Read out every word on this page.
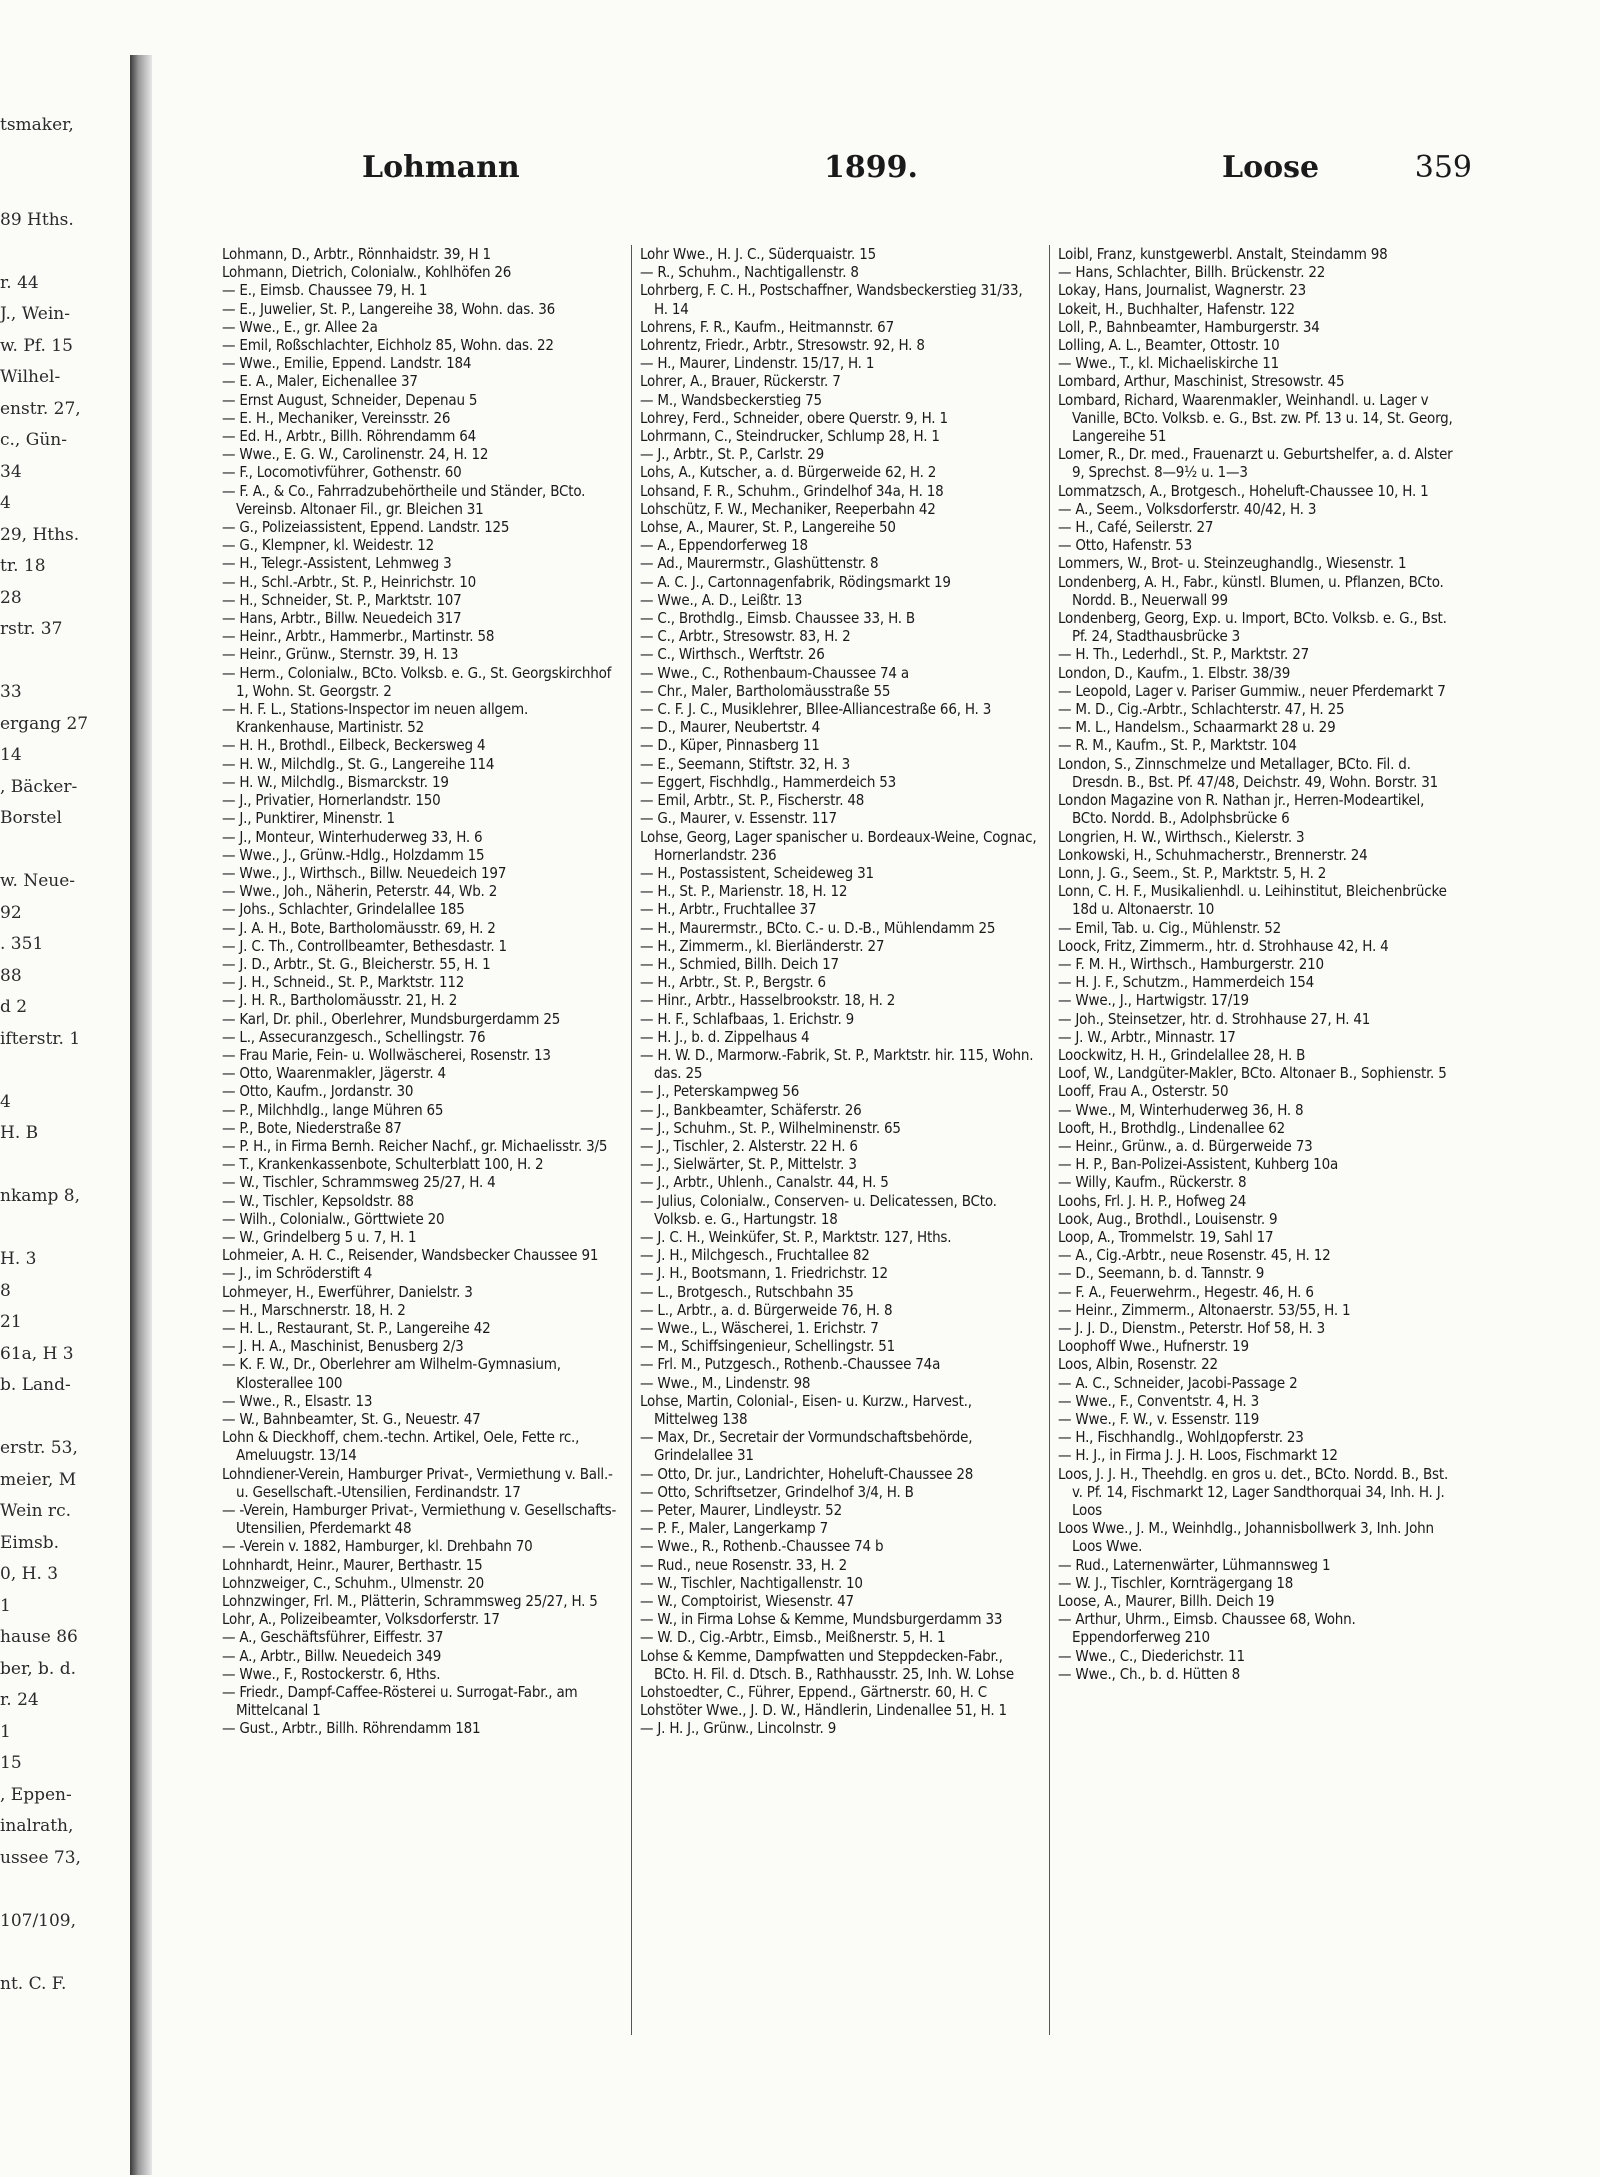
tsmaker,

89 Hths.

r. 44
J., Wein-
w. Pf. 15
Wilhel-
enstr. 27,
c., Gün-
34
4
29, Hths.
tr. 18
28
rstr. 37

33
ergang 27
14
, Bäcker-
Borstel

w. Neue-
92
. 351
88
d 2
ifterstr. 1

4
H. B

nkamp 8,

H. 3
8
21
61a, H 3
b. Land-

erstr. 53,
meier, M
Wein rc.
Eimsb.
0, H. 3
1
hause 86
ber, b. d.
r. 24
1
15
, Eppen-
inalrath,
ussee 73,

107/109,

nt. C. F.
Lohmann	1899.	Loose	359
Lohmann, D., Arbtr., Rönnhaidstr. 39, H 1
Lohmann, Dietrich, Colonialw., Kohlhöfen 26
— E., Eimsb. Chaussee 79, H. 1
— E., Juwelier, St. P., Langereihe 38, Wohn. das. 36
— Wwe., E., gr. Allee 2a
— Emil, Roßschlachter, Eichholz 85, Wohn. das. 22
— Wwe., Emilie, Eppend. Landstr. 184
— E. A., Maler, Eichenallee 37
— Ernst August, Schneider, Depenau 5
— E. H., Mechaniker, Vereinsstr. 26
— Ed. H., Arbtr., Billh. Röhrendamm 64
— Wwe., E. G. W., Carolinenstr. 24, H. 12
— F., Locomotivführer, Gothenstr. 60
— F. A., & Co., Fahrradzubehörtheile und Ständer, BCto. Vereinsb. Altonaer Fil., gr. Bleichen 31
— G., Polizeiassistent, Eppend. Landstr. 125
— G., Klempner, kl. Weidestr. 12
— H., Telegr.-Assistent, Lehmweg 3
— H., Schl.-Arbtr., St. P., Heinrichstr. 10
— H., Schneider, St. P., Marktstr. 107
— Hans, Arbtr., Billw. Neuedeich 317
— Heinr., Arbtr., Hammerbr., Martinstr. 58
— Heinr., Grünw., Sternstr. 39, H. 13
— Herm., Colonialw., BCto. Volksb. e. G., St. Georgskirchhof 1, Wohn. St. Georgstr. 2
— H. F. L., Stations-Inspector im neuen allgem. Krankenhause, Martinistr. 52
— H. H., Brothdl., Eilbeck, Beckersweg 4
— H. W., Milchdlg., St. G., Langereihe 114
— H. W., Milchdlg., Bismarckstr. 19
— J., Privatier, Hornerlandstr. 150
— J., Punktirer, Minenstr. 1
— J., Monteur, Winterhuderweg 33, H. 6
— Wwe., J., Grünw.-Hdlg., Holzdamm 15
— Wwe., J., Wirthsch., Billw. Neuedeich 197
— Wwe., Joh., Näherin, Peterstr. 44, Wb. 2
— Johs., Schlachter, Grindelallee 185
— J. A. H., Bote, Bartholomäusstr. 69, H. 2
— J. C. Th., Controllbeamter, Bethesdastr. 1
— J. D., Arbtr., St. G., Bleicherstr. 55, H. 1
— J. H., Schneid., St. P., Marktstr. 112
— J. H. R., Bartholomäusstr. 21, H. 2
— Karl, Dr. phil., Oberlehrer, Mundsburgerdamm 25
— L., Assecuranzgesch., Schellingstr. 76
— Frau Marie, Fein- u. Wollwäscherei, Rosenstr. 13
— Otto, Waarenmakler, Jägerstr. 4
— Otto, Kaufm., Jordanstr. 30
— P., Milchhdlg., lange Mühren 65
— P., Bote, Niederstraße 87
— P. H., in Firma Bernh. Reicher Nachf., gr. Michaelisstr. 3/5
— T., Krankenkassenbote, Schulterblatt 100, H. 2
— W., Tischler, Schrammsweg 25/27, H. 4
— W., Tischler, Kepsoldstr. 88
— Wilh., Colonialw., Görttwiete 20
— W., Grindelberg 5 u. 7, H. 1
Lohmeier, A. H. C., Reisender, Wandsbecker Chaussee 91
— J., im Schröderstift 4
Lohmeyer, H., Ewerführer, Danielstr. 3
— H., Marschnerstr. 18, H. 2
— H. L., Restaurant, St. P., Langereihe 42
— J. H. A., Maschinist, Benusberg 2/3
— K. F. W., Dr., Oberlehrer am Wilhelm-Gymnasium, Klosterallee 100
— Wwe., R., Elsastr. 13
— W., Bahnbeamter, St. G., Neuestr. 47
Lohn & Dieckhoff, chem.-techn. Artikel, Oele, Fette rc., Ameluugstr. 13/14
Lohndiener-Verein, Hamburger Privat-, Vermiethung v. Ball.- u. Gesellschaft.-Utensilien, Ferdinandstr. 17
— -Verein, Hamburger Privat-, Vermiethung v. Gesellschafts-Utensilien, Pferdemarkt 48
— -Verein v. 1882, Hamburger, kl. Drehbahn 70
Lohnhardt, Heinr., Maurer, Berthastr. 15
Lohnzweiger, C., Schuhm., Ulmenstr. 20
Lohnzwinger, Frl. M., Plätterin, Schrammsweg 25/27, H. 5
Lohr, A., Polizeibeamter, Volksdorferstr. 17
— A., Geschäftsführer, Eiffestr. 37
— A., Arbtr., Billw. Neuedeich 349
— Wwe., F., Rostockerstr. 6, Hths.
— Friedr., Dampf-Caffee-Rösterei u. Surrogat-Fabr., am Mittelcanal 1
— Gust., Arbtr., Billh. Röhrendamm 181
Lohr Wwe., H. J. C., Süderquaistr. 15
— R., Schuhm., Nachtigallenstr. 8
Lohrberg, F. C. H., Postschaffner, Wandsbeckerstieg 31/33, H. 14
Lohrens, F. R., Kaufm., Heitmannstr. 67
Lohrentz, Friedr., Arbtr., Stresowstr. 92, H. 8
— H., Maurer, Lindenstr. 15/17, H. 1
Lohrer, A., Brauer, Rückerstr. 7
— M., Wandsbeckerstieg 75
Lohrey, Ferd., Schneider, obere Querstr. 9, H. 1
Lohrmann, C., Steindrucker, Schlump 28, H. 1
— J., Arbtr., St. P., Carlstr. 29
Lohs, A., Kutscher, a. d. Bürgerweide 62, H. 2
Lohsand, F. R., Schuhm., Grindelhof 34a, H. 18
Lohschütz, F. W., Mechaniker, Reeperbahn 42
Lohse, A., Maurer, St. P., Langereihe 50
— A., Eppendorferweg 18
— Ad., Maurermstr., Glashüttenstr. 8
— A. C. J., Cartonnagenfabrik, Rödingsmarkt 19
— Wwe., A. D., Leißtr. 13
— C., Brothdlg., Eimsb. Chaussee 33, H. B
— C., Arbtr., Stresowstr. 83, H. 2
— C., Wirthsch., Werftstr. 26
— Wwe., C., Rothenbaum-Chaussee 74 a
— Chr., Maler, Bartholomäusstraße 55
— C. F. J. C., Musiklehrer, Bllee-Alliancestraße 66, H. 3
— D., Maurer, Neubertstr. 4
— D., Küper, Pinnasberg 11
— E., Seemann, Stiftstr. 32, H. 3
— Eggert, Fischhdlg., Hammerdeich 53
— Emil, Arbtr., St. P., Fischerstr. 48
— G., Maurer, v. Essenstr. 117
Lohse, Georg, Lager spanischer u. Bordeaux-Weine, Cognac, Hornerlandstr. 236
— H., Postassistent, Scheideweg 31
— H., St. P., Marienstr. 18, H. 12
— H., Arbtr., Fruchtallee 37
— H., Maurermstr., BCto. C.- u. D.-B., Mühlendamm 25
— H., Zimmerm., kl. Bierländerstr. 27
— H., Schmied, Billh. Deich 17
— H., Arbtr., St. P., Bergstr. 6
— Hinr., Arbtr., Hasselbrookstr. 18, H. 2
— H. F., Schlafbaas, 1. Erichstr. 9
— H. J., b. d. Zippelhaus 4
— H. W. D., Marmorw.-Fabrik, St. P., Marktstr. hir. 115, Wohn. das. 25
— J., Peterskampweg 56
— J., Bankbeamter, Schäferstr. 26
— J., Schuhm., St. P., Wilhelminenstr. 65
— J., Tischler, 2. Alsterstr. 22 H. 6
— J., Sielwärter, St. P., Mittelstr. 3
— J., Arbtr., Uhlenh., Canalstr. 44, H. 5
— Julius, Colonialw., Conserven- u. Delicatessen, BCto. Volksb. e. G., Hartungstr. 18
— J. C. H., Weinküfer, St. P., Marktstr. 127, Hths.
— J. H., Milchgesch., Fruchtallee 82
— J. H., Bootsmann, 1. Friedrichstr. 12
— L., Brotgesch., Rutschbahn 35
— L., Arbtr., a. d. Bürgerweide 76, H. 8
— Wwe., L., Wäscherei, 1. Erichstr. 7
— M., Schiffsingenieur, Schellingstr. 51
— Frl. M., Putzgesch., Rothenb.-Chaussee 74a
— Wwe., M., Lindenstr. 98
Lohse, Martin, Colonial-, Eisen- u. Kurzw., Harvest., Mittelweg 138
— Max, Dr., Secretair der Vormundschaftsbehörde, Grindelallee 31
— Otto, Dr. jur., Landrichter, Hoheluft-Chaussee 28
— Otto, Schriftsetzer, Grindelhof 3/4, H. B
— Peter, Maurer, Lindleystr. 52
— P. F., Maler, Langerkamp 7
— Wwe., R., Rothenb.-Chaussee 74 b
— Rud., neue Rosenstr. 33, H. 2
— W., Tischler, Nachtigallenstr. 10
— W., Comptoirist, Wiesenstr. 47
— W., in Firma Lohse & Kemme, Mundsburgerdamm 33
— W. D., Cig.-Arbtr., Eimsb., Meißnerstr. 5, H. 1
Lohse & Kemme, Dampfwatten und Steppdecken-Fabr., BCto. H. Fil. d. Dtsch. B., Rathhausstr. 25, Inh. W. Lohse
Lohstoedter, C., Führer, Eppend., Gärtnerstr. 60, H. C
Lohstöter Wwe., J. D. W., Händlerin, Lindenallee 51, H. 1
— J. H. J., Grünw., Lincolnstr. 9
Loibl, Franz, kunstgewerbl. Anstalt, Steindamm 98
— Hans, Schlachter, Billh. Brückenstr. 22
Lokay, Hans, Journalist, Wagnerstr. 23
Lokeit, H., Buchhalter, Hafenstr. 122
Loll, P., Bahnbeamter, Hamburgerstr. 34
Lolling, A. L., Beamter, Ottostr. 10
— Wwe., T., kl. Michaeliskirche 11
Lombard, Arthur, Maschinist, Stresowstr. 45
Lombard, Richard, Waarenmakler, Weinhandl. u. Lager v Vanille, BCto. Volksb. e. G., Bst. zw. Pf. 13 u. 14, St. Georg, Langereihe 51
Lomer, R., Dr. med., Frauenarzt u. Geburtshelfer, a. d. Alster 9, Sprechst. 8—9½ u. 1—3
Lommatzsch, A., Brotgesch., Hoheluft-Chaussee 10, H. 1
— A., Seem., Volksdorferstr. 40/42, H. 3
— H., Café, Seilerstr. 27
— Otto, Hafenstr. 53
Lommers, W., Brot- u. Steinzeughandlg., Wiesenstr. 1
Londenberg, A. H., Fabr., künstl. Blumen, u. Pflanzen, BCto. Nordd. B., Neuerwall 99
Londenberg, Georg, Exp. u. Import, BCto. Volksb. e. G., Bst. Pf. 24, Stadthausbrücke 3
— H. Th., Lederhdl., St. P., Marktstr. 27
London, D., Kaufm., 1. Elbstr. 38/39
— Leopold, Lager v. Pariser Gummiw., neuer Pferdemarkt 7
— M. D., Cig.-Arbtr., Schlachterstr. 47, H. 25
— M. L., Handelsm., Schaarmarkt 28 u. 29
— R. M., Kaufm., St. P., Marktstr. 104
London, S., Zinnschmelze und Metallager, BCto. Fil. d. Dresdn. B., Bst. Pf. 47/48, Deichstr. 49, Wohn. Borstr. 31
London Magazine von R. Nathan jr., Herren-Modeartikel, BCto. Nordd. B., Adolphsbrücke 6
Longrien, H. W., Wirthsch., Kielerstr. 3
Lonkowski, H., Schuhmacherstr., Brennerstr. 24
Lonn, J. G., Seem., St. P., Marktstr. 5, H. 2
Lonn, C. H. F., Musikalienhdl. u. Leihinstitut, Bleichenbrücke 18d u. Altonaerstr. 10
— Emil, Tab. u. Cig., Mühlenstr. 52
Loock, Fritz, Zimmerm., htr. d. Strohhause 42, H. 4
— F. M. H., Wirthsch., Hamburgerstr. 210
— H. J. F., Schutzm., Hammerdeich 154
— Wwe., J., Hartwigstr. 17/19
— Joh., Steinsetzer, htr. d. Strohhause 27, H. 41
— J. W., Arbtr., Minnastr. 17
Loockwitz, H. H., Grindelallee 28, H. B
Loof, W., Landgüter-Makler, BCto. Altonaer B., Sophienstr. 5
Looff, Frau A., Osterstr. 50
— Wwe., M, Winterhuderweg 36, H. 8
Looft, H., Brothdlg., Lindenallee 62
— Heinr., Grünw., a. d. Bürgerweide 73
— H. P., Ban-Polizei-Assistent, Kuhberg 10a
— Willy, Kaufm., Rückerstr. 8
Loohs, Frl. J. H. P., Hofweg 24
Look, Aug., Brothdl., Louisenstr. 9
Loop, A., Trommelstr. 19, Sahl 17
— A., Cig.-Arbtr., neue Rosenstr. 45, H. 12
— D., Seemann, b. d. Tannstr. 9
— F. A., Feuerwehrm., Hegestr. 46, H. 6
— Heinr., Zimmerm., Altonaerstr. 53/55, H. 1
— J. J. D., Dienstm., Peterstr. Hof 58, H. 3
Loophoff Wwe., Hufnerstr. 19
Loos, Albin, Rosenstr. 22
— A. C., Schneider, Jacobi-Passage 2
— Wwe., F., Conventstr. 4, H. 3
— Wwe., F. W., v. Essenstr. 119
— H., Fischhandlg., Wohlдорferstr. 23
— H. J., in Firma J. J. H. Loos, Fischmarkt 12
Loos, J. J. H., Theehdlg. en gros u. det., BCto. Nordd. B., Bst. v. Pf. 14, Fischmarkt 12, Lager Sandthorquai 34, Inh. H. J. Loos
Loos Wwe., J. M., Weinhdlg., Johannisbollwerk 3, Inh. John Loos Wwe.
— Rud., Laternenwärter, Lühmannsweg 1
— W. J., Tischler, Kornträgergang 18
Loose, A., Maurer, Billh. Deich 19
— Arthur, Uhrm., Eimsb. Chaussee 68, Wohn. Eppendorferweg 210
— Wwe., C., Diederichstr. 11
— Wwe., Ch., b. d. Hütten 8
